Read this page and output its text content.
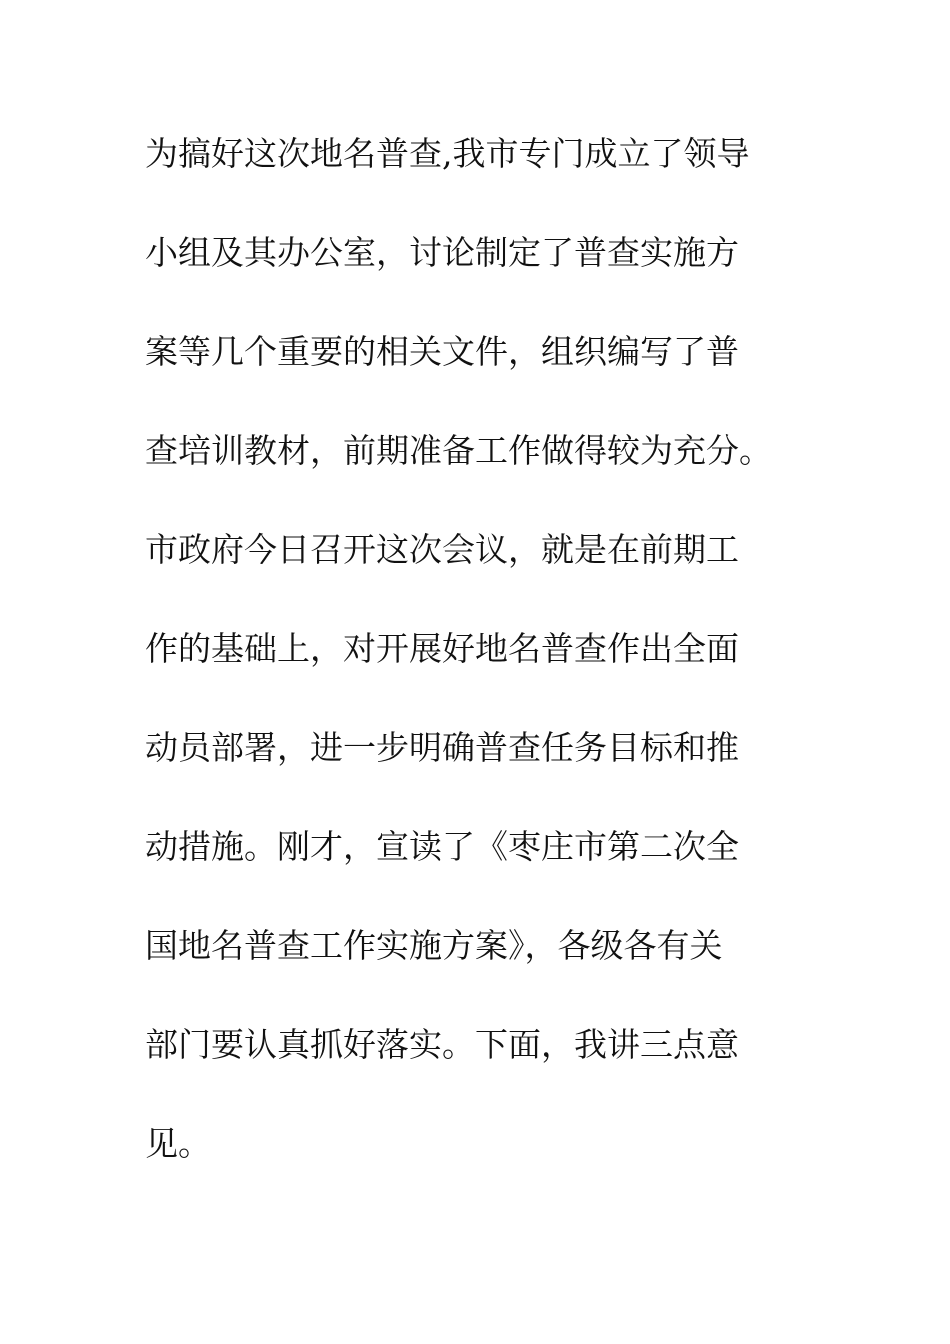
为搞好这次地名普查,我市专门成立了领导
小组及其办公室，讨论制定了普查实施方
案等几个重要的相关文件，组织编写了普
查培训教材，前期准备工作做得较为充分。
市政府今日召开这次会议，就是在前期工
作的基础上，对开展好地名普查作出全面
动员部署，进一步明确普查任务目标和推
动措施。刚才，宣读了《枣庄市第二次全
国地名普查工作实施方案》，各级各有关
部门要认真抓好落实。下面，我讲三点意
见。
